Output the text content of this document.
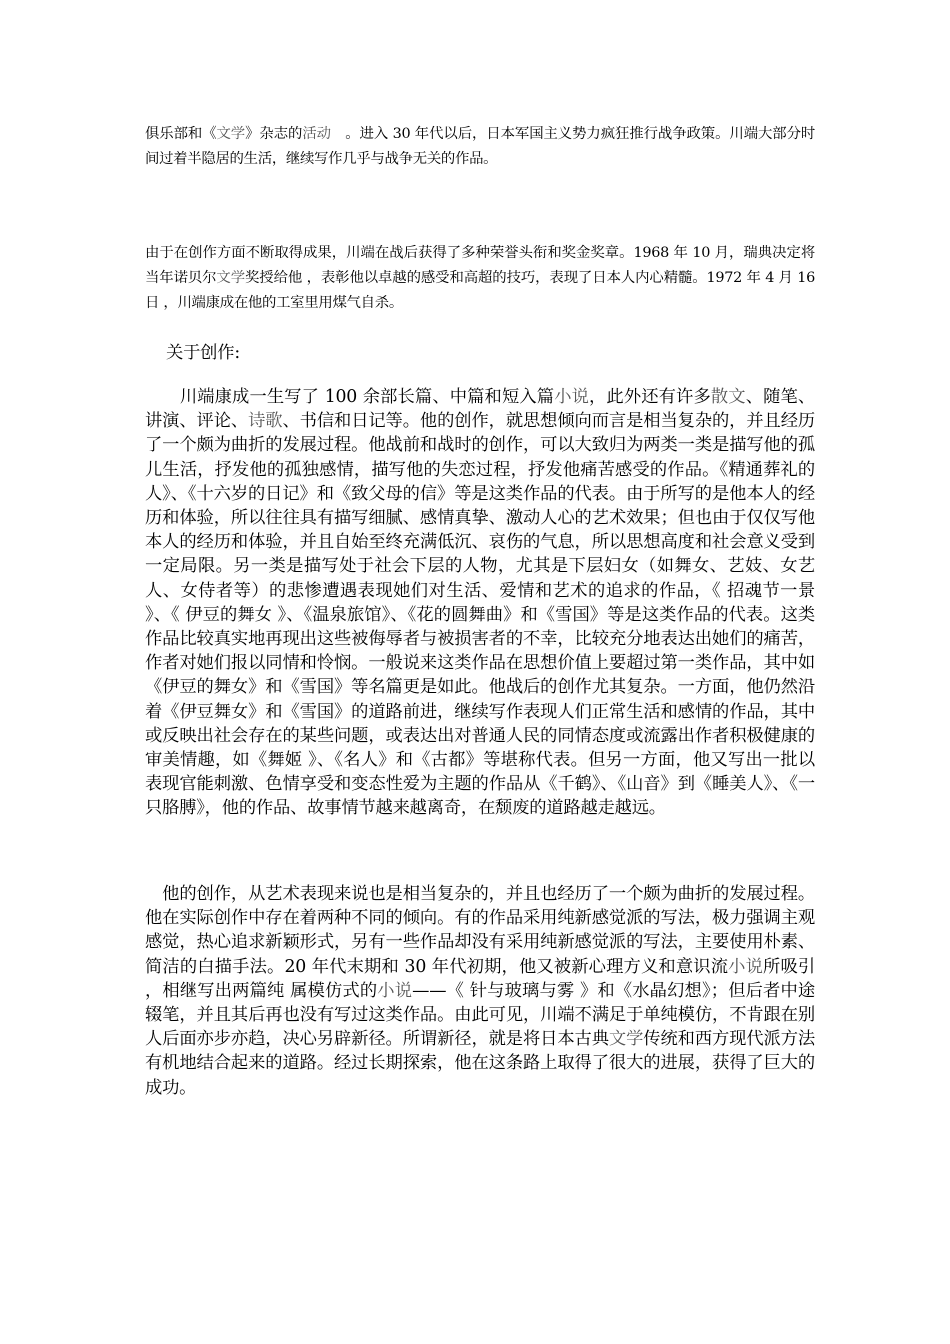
俱乐部和《文学》杂志的活动　。进入 30 年代以后，日本军国主义势力疯狂推行战争政策。川端大部分时间过着半隐居的生活，继续写作几乎与战争无关的作品。

由于在创作方面不断取得成果，川端在战后获得了多种荣誉头衔和奖金奖章。1968 年 10 月，瑞典决定将当年诺贝尔文学奖授给他 ，表彰他以卓越的感受和高超的技巧，表现了日本人内心精髓。1972 年 4 月 16 日 ，川端康成在他的工室里用煤气自杀。

关于创作:

　　川端康成一生写了 100 余部长篇、中篇和短入篇小说，此外还有许多散文、随笔、讲演、评论、诗歌、书信和日记等。他的创作，就思想倾向而言是相当复杂的，并且经历了一个颇为曲折的发展过程。他战前和战时的创作，可以大致归为两类一类是描写他的孤儿生活，抒发他的孤独感情，描写他的失恋过程，抒发他痛苦感受的作品。《精通葬礼的人》、《十六岁的日记》和《致父母的信》等是这类作品的代表。由于所写的是他本人的经历和体验，所以往往具有描写细腻、感情真挚、激动人心的艺术效果；但也由于仅仅写他本人的经历和体验，并且自始至终充满低沉、哀伤的气息，所以思想高度和社会意义受到一定局限。另一类是描写处于社会下层的人物，尤其是下层妇女（如舞女、艺妓、女艺人、女侍者等）的悲惨遭遇表现她们对生活、爱情和艺术的追求的作品，《 招魂节一景 》、《 伊豆的舞女 》、《温泉旅馆》、《花的圆舞曲》和《雪国》等是这类作品的代表。这类作品比较真实地再现出这些被侮辱者与被损害者的不幸，比较充分地表达出她们的痛苦，作者对她们报以同情和怜悯。一般说来这类作品在思想价值上要超过第一类作品，其中如《伊豆的舞女》和《雪国》等名篇更是如此。他战后的创作尤其复杂。一方面，他仍然沿着《伊豆舞女》和《雪国》的道路前进，继续写作表现人们正常生活和感情的作品，其中或反映出社会存在的某些问题，或表达出对普通人民的同情态度或流露出作者积极健康的审美情趣，如《舞姬 》、《名人》和《古都》等堪称代表。但另一方面，他又写出一批以表现官能刺激、色情享受和变态性爱为主题的作品从《千鹤》、《山音》到《睡美人》、《一只胳膊》，他的作品、故事情节越来越离奇，在颓废的道路越走越远。

　他的创作，从艺术表现来说也是相当复杂的，并且也经历了一个颇为曲折的发展过程。他在实际创作中存在着两种不同的倾向。有的作品采用纯新感觉派的写法，极力强调主观感觉，热心追求新颖形式，另有一些作品却没有采用纯新感觉派的写法，主要使用朴素、简洁的白描手法。20 年代末期和 30 年代初期，他又被新心理方义和意识流小说所吸引 ，相继写出两篇纯 属模仿式的小说——《 针与玻璃与雾 》和《水晶幻想》；但后者中途辍笔，并且其后再也没有写过这类作品。由此可见，川端不满足于单纯模仿，不肯跟在别人后面亦步亦趋，决心另辟新径。所谓新径，就是将日本古典文学传统和西方现代派方法有机地结合起来的道路。经过长期探索，他在这条路上取得了很大的进展，获得了巨大的成功。
